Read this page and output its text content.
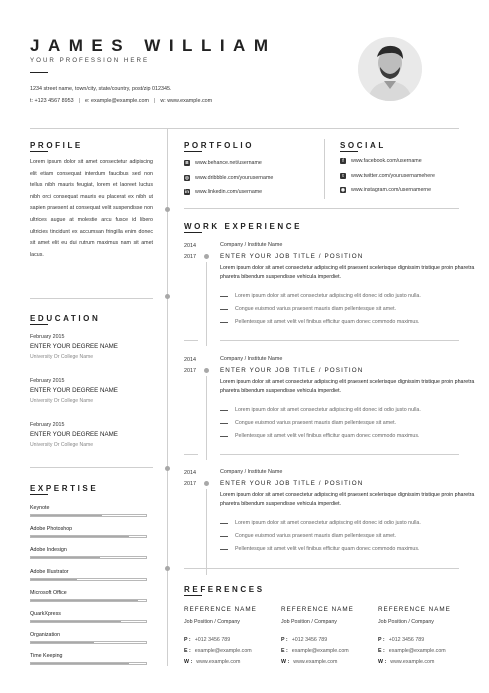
JAMES WILLIAM
YOUR PROFESSION HERE
1234 street name, town/city, state/country, post/zip 012345.
t: +123 4567 8953 | e: example@example.com | w: www.example.com
PROFILE
Lorem ipsum dolor sit amet consectetur adipiscing elit etiam consequat interdum faucibus sed non tellus nibh mauris feugiat, lorem et laoreet luctus nibh orci consequat mauris eu placerat ex nibh ut sapien praesent at consequat velit suspendisse non ultrices augue at molestie arcu fusce id libero ultricies tincidunt ex accumsan fringilla enim donec sit amet elit eu dui rutrum maximus nam sit amet lacus.
EDUCATION
February 2015
ENTER YOUR DEGREE NAME
University Or College Name
February 2015
ENTER YOUR DEGREE NAME
University Or College Name
February 2015
ENTER YOUR DEGREE NAME
University Or College Name
EXPERTISE
Keynote
Adobe Photoshop
Adobe Indesign
Adobe Illustrator
Microsoft Office
QuarkXpress
Organization
Time Keeping
PORTFOLIO
B www.behance.net/username
◎ www.dribbble.com/yourusername
in www.linkedin.com/username
SOCIAL
f	www.facebook.com/username
t	www.twitter.com/yourusernamehere
◉ www.instagram.com/usernamerne
WORK EXPERIENCE
2014
2017
Company / Institute Name
ENTER YOUR JOB TITLE / POSITION
Lorem ipsum dolor sit amet consectetur adipiscing elit praesent scelerisque dignissim tristique proin pharetra pharetra bibendum suspendisse vehicula imperdiet.
Lorem ipsum dolor sit amet consectetur adipiscing elit donec id odio justo nulla.
Congue euismod varius praesent mauris diam pellentesque sit amet.
Pellentesque sit amet velit vel finibus efficitur quam donec commodo maximus.
2014
2017
Company / Institute Name
ENTER YOUR JOB TITLE / POSITION
Lorem ipsum dolor sit amet consectetur adipiscing elit praesent scelerisque dignissim tristique proin pharetra pharetra bibendum suspendisse vehicula imperdiet.
Lorem ipsum dolor sit amet consectetur adipiscing elit donec id odio justo nulla.
Congue euismod varius praesent mauris diam pellentesque sit amet.
Pellentesque sit amet velit vel finibus efficitur quam donec commodo maximus.
2014
2017
Company / Institute Name
ENTER YOUR JOB TITLE / POSITION
Lorem ipsum dolor sit amet consectetur adipiscing elit praesent scelerisque dignissim tristique proin pharetra pharetra bibendum suspendisse vehicula imperdiet.
Lorem ipsum dolor sit amet consectetur adipiscing elit donec id odio justo nulla.
Congue euismod varius praesent mauris diam pellentesque sit amet.
Pellentesque sit amet velit vel finibus efficitur quam donec commodo maximus.
REFERENCES
REFERENCE NAME
Job Position / Company
P : +012 3456 789
E : example@example.com
W : www.example.com
REFERENCE NAME
Job Position / Company
P : +012 3456 789
E : example@example.com
W : www.example.com
REFERENCE NAME
Job Position / Company
P : +012 3456 789
E : example@example.com
W : www.example.com
